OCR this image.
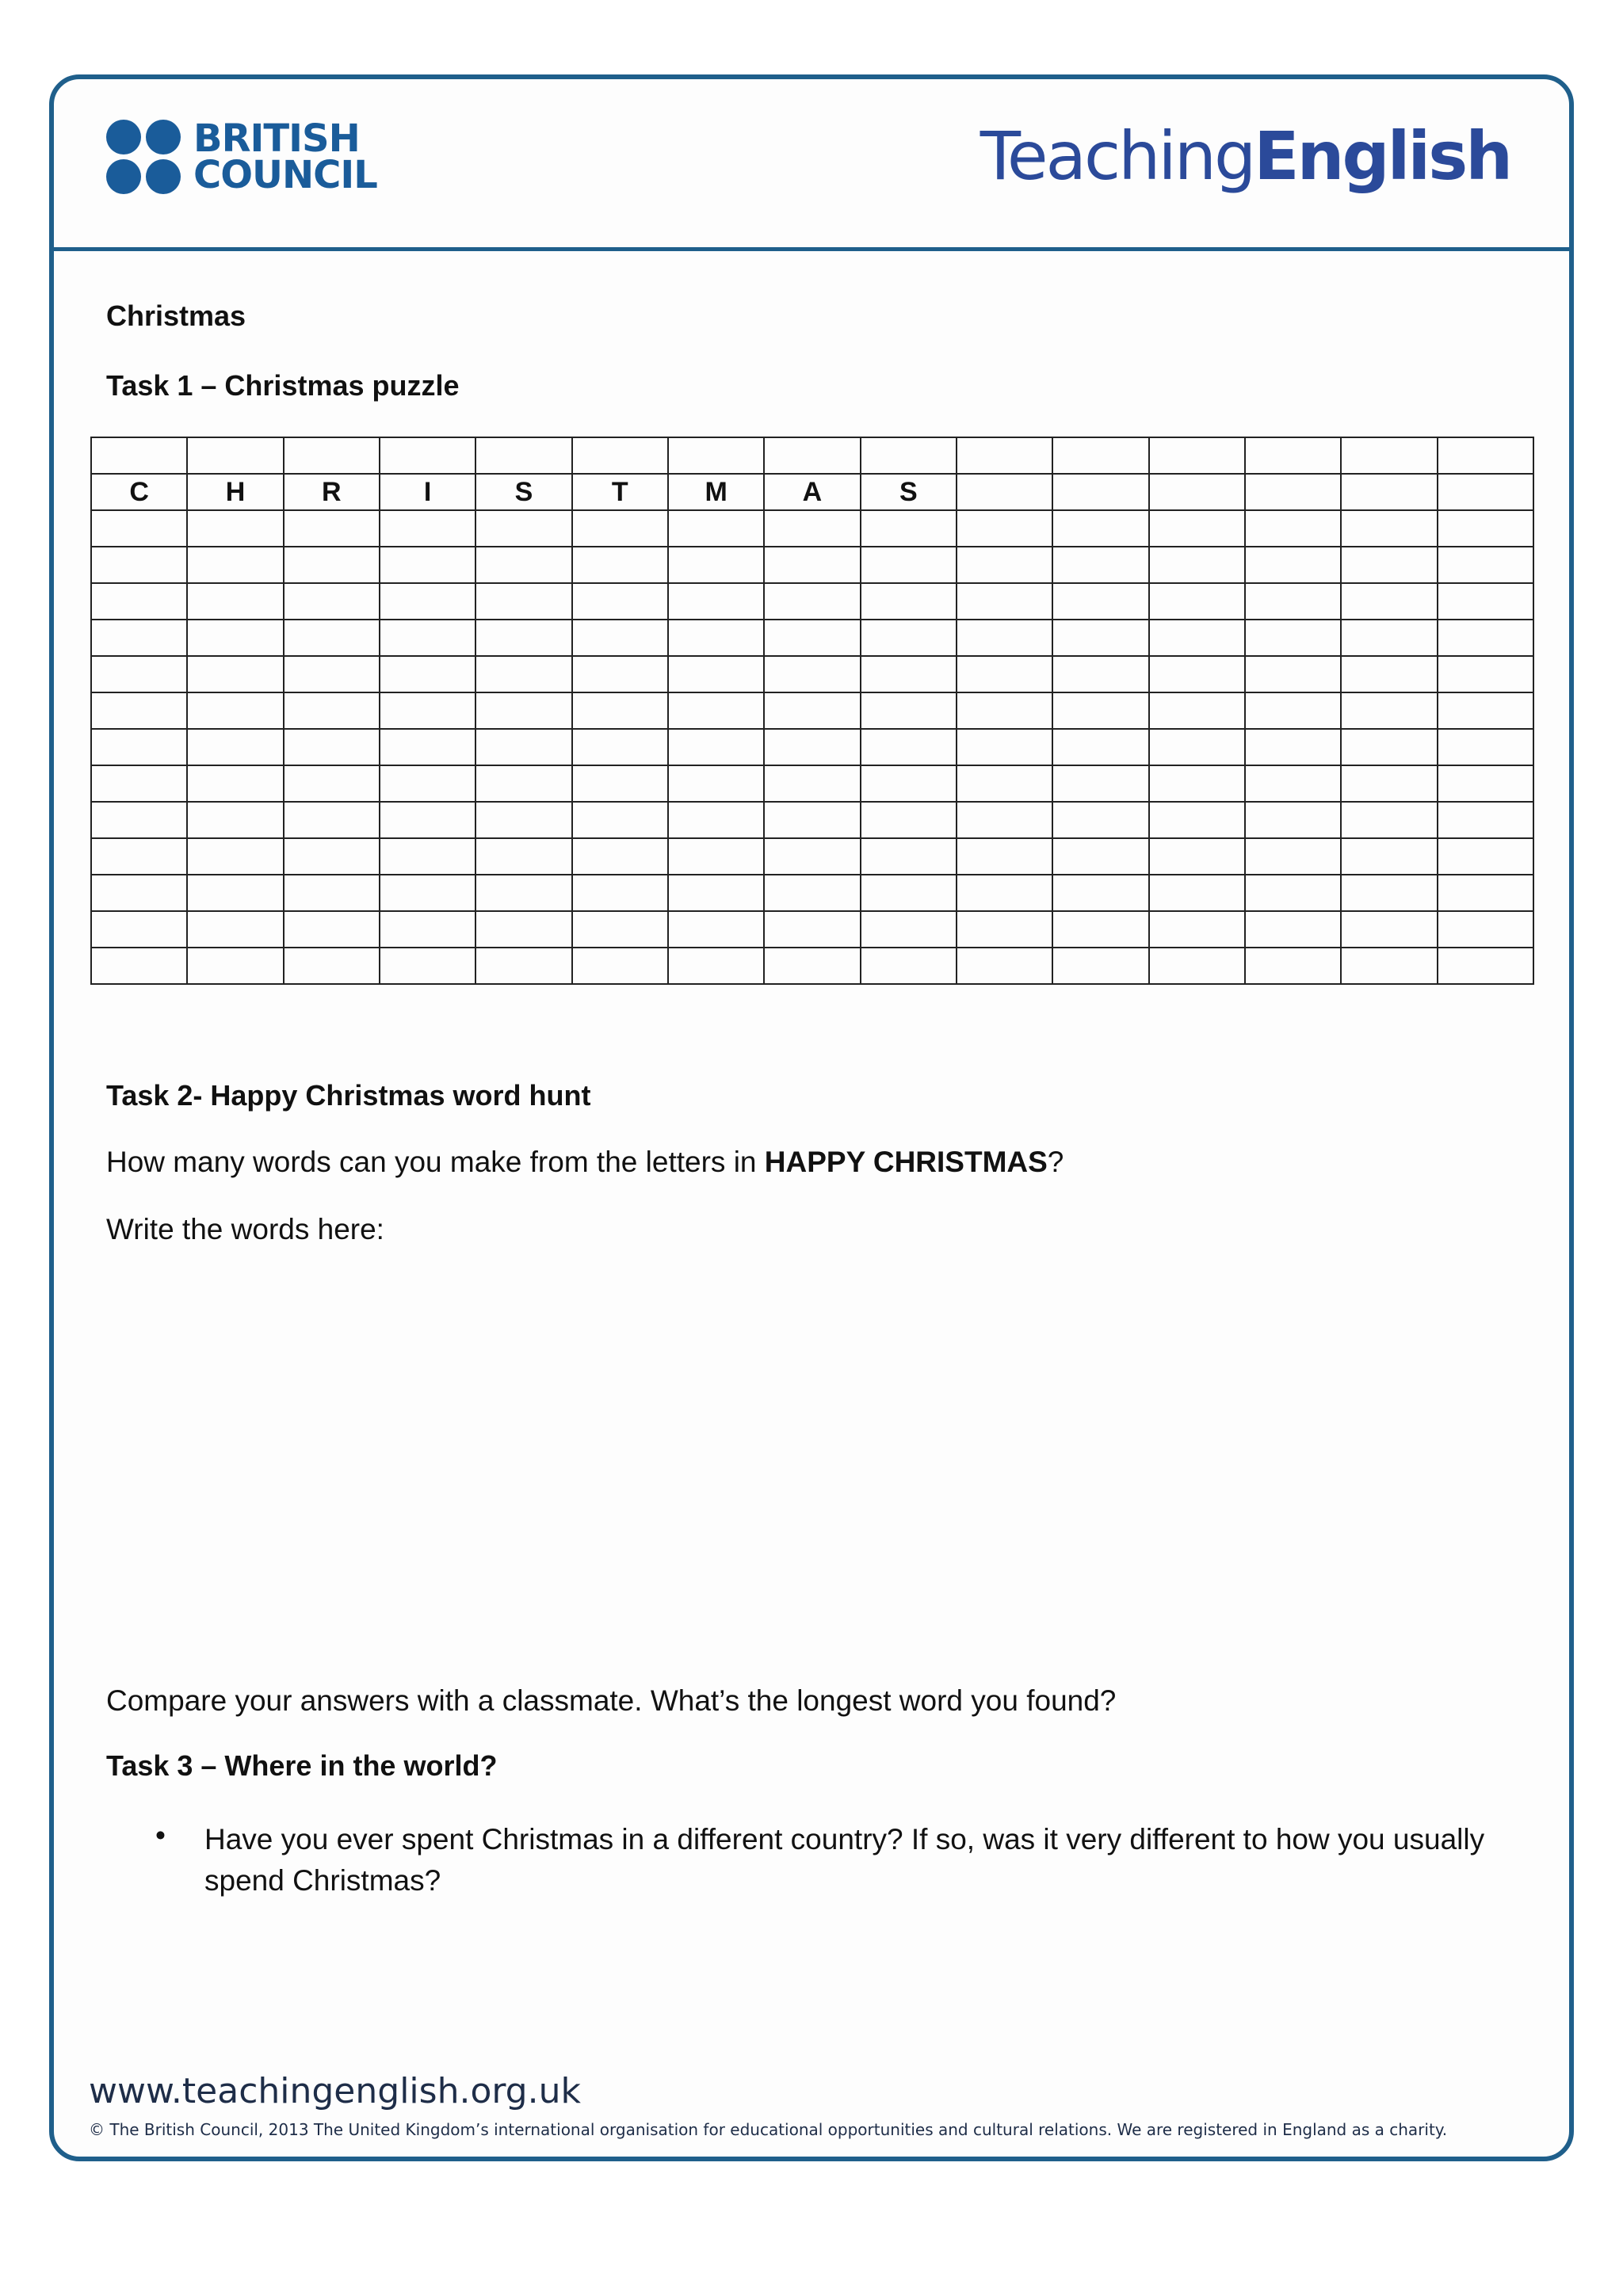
BRITISH
COUNCIL	TeachingEnglish
Christmas
Task 1 – Christmas puzzle

C	H	R	I	S	T	M	A	S						

Task 2- Happy Christmas word hunt
How many words can you make from the letters in HAPPY CHRISTMAS?
Write the words here:
Compare your answers with a classmate. What’s the longest word you found?
Task 3 – Where in the world?
• Have you ever spent Christmas in a different country? If so, was it very different to how you usually spend Christmas?
www.teachingenglish.org.uk
© The British Council, 2013 The United Kingdom’s international organisation for educational opportunities and cultural relations. We are registered in England as a charity.
